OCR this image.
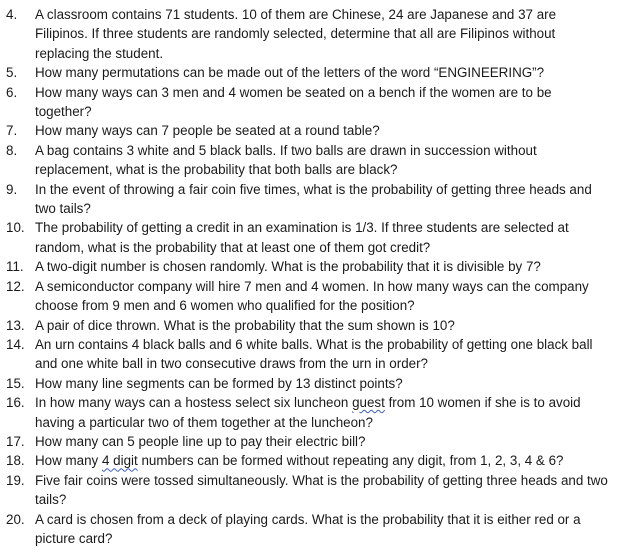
4.	A classroom contains 71 students. 10 of them are Chinese, 24 are Japanese and 37 are Filipinos. If three students are randomly selected, determine that all are Filipinos without replacing the student.
5.	How many permutations can be made out of the letters of the word “ENGINEERING”?
6.	How many ways can 3 men and 4 women be seated on a bench if the women are to be together?
7.	How many ways can 7 people be seated at a round table?
8.	A bag contains 3 white and 5 black balls. If two balls are drawn in succession without replacement, what is the probability that both balls are black?
9.	In the event of throwing a fair coin five times, what is the probability of getting three heads and two tails?
10. The probability of getting a credit in an examination is 1/3. If three students are selected at random, what is the probability that at least one of them got credit?
11. A two-digit number is chosen randomly. What is the probability that it is divisible by 7?
12. A semiconductor company will hire 7 men and 4 women. In how many ways can the company choose from 9 men and 6 women who qualified for the position?
13. A pair of dice thrown. What is the probability that the sum shown is 10?
14. An urn contains 4 black balls and 6 white balls. What is the probability of getting one black ball and one white ball in two consecutive draws from the urn in order?
15. How many line segments can be formed by 13 distinct points?
16. In how many ways can a hostess select six luncheon guest from 10 women if she is to avoid having a particular two of them together at the luncheon?
17. How many can 5 people line up to pay their electric bill?
18. How many 4 digit numbers can be formed without repeating any digit, from 1, 2, 3, 4 & 6?
19. Five fair coins were tossed simultaneously. What is the probability of getting three heads and two tails?
20. A card is chosen from a deck of playing cards. What is the probability that it is either red or a picture card?
